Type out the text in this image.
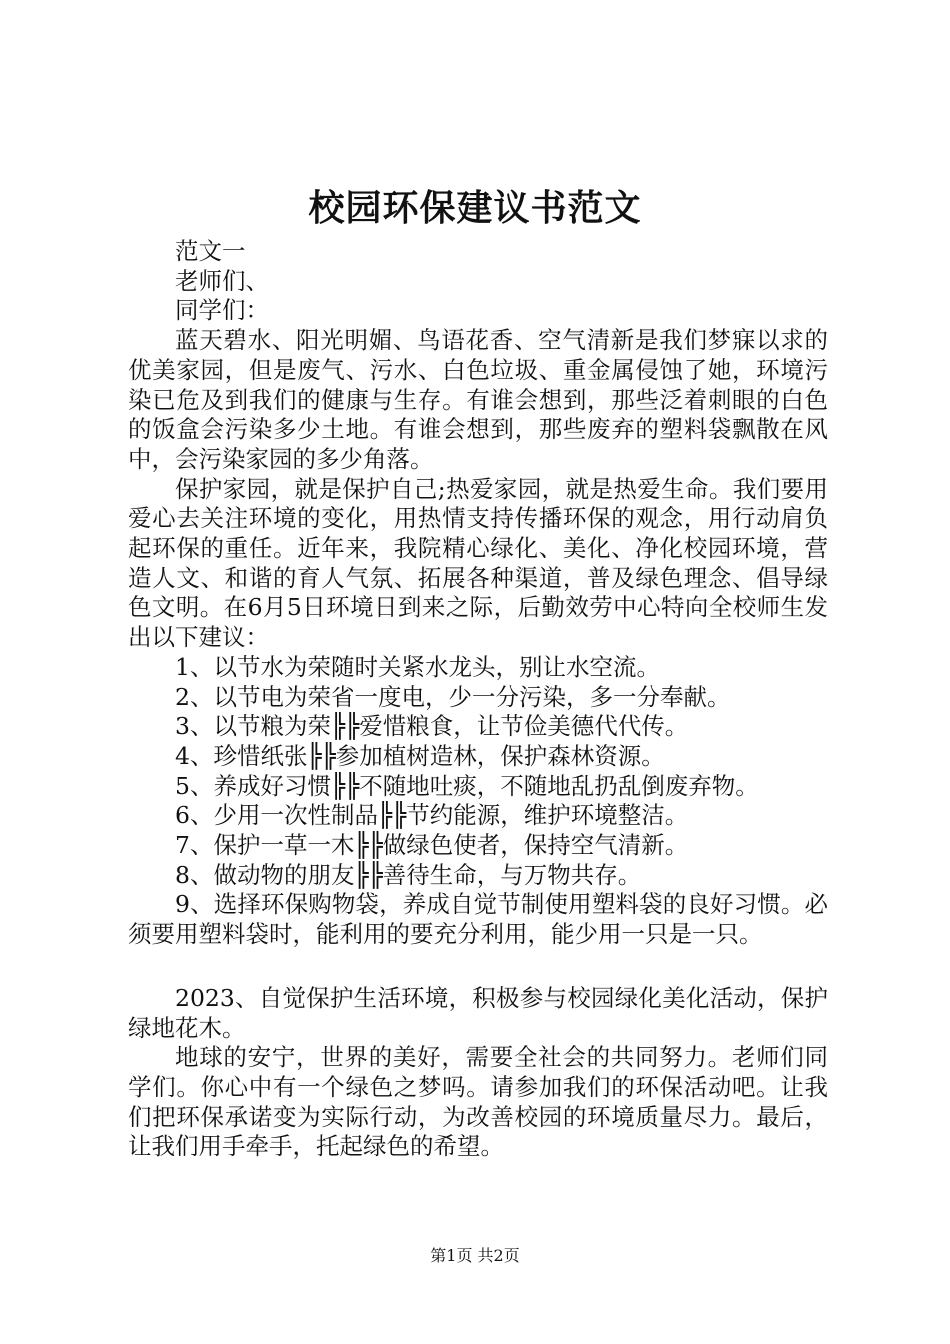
校园环保建议书范文

范文一

老师们、

同学们：

蓝天碧水、阳光明媚、鸟语花香、空气清新是我们梦寐以求的优美家园，但是废气、污水、白色垃圾、重金属侵蚀了她，环境污染已危及到我们的健康与生存。有谁会想到，那些泛着刺眼的白色的饭盒会污染多少土地。有谁会想到，那些废弃的塑料袋飘散在风中，会污染家园的多少角落。

保护家园，就是保护自己;热爱家园，就是热爱生命。我们要用爱心去关注环境的变化，用热情支持传播环保的观念，用行动肩负起环保的重任。近年来，我院精心绿化、美化、净化校园环境，营造人文、和谐的育人气氛、拓展各种渠道，普及绿色理念、倡导绿色文明。在6月5日环境日到来之际，后勤效劳中心特向全校师生发出以下建议：

1、以节水为荣随时关紧水龙头，别让水空流。

2、以节电为荣省一度电，少一分污染，多一分奉献。

3、以节粮为荣╠╠爱惜粮食，让节俭美德代代传。

4、珍惜纸张╠╠参加植树造林，保护森林资源。

5、养成好习惯╠╠不随地吐痰，不随地乱扔乱倒废弃物。

6、少用一次性制品╠╠节约能源，维护环境整洁。

7、保护一草一木╠╠做绿色使者，保持空气清新。

8、做动物的朋友╠╠善待生命，与万物共存。

9、选择环保购物袋，养成自觉节制使用塑料袋的良好习惯。必须要用塑料袋时，能利用的要充分利用，能少用一只是一只。

2023、自觉保护生活环境，积极参与校园绿化美化活动，保护绿地花木。

地球的安宁，世界的美好，需要全社会的共同努力。老师们同学们。你心中有一个绿色之梦吗。请参加我们的环保活动吧。让我们把环保承诺变为实际行动，为改善校园的环境质量尽力。最后，让我们用手牵手，托起绿色的希望。

第1页 共2页
